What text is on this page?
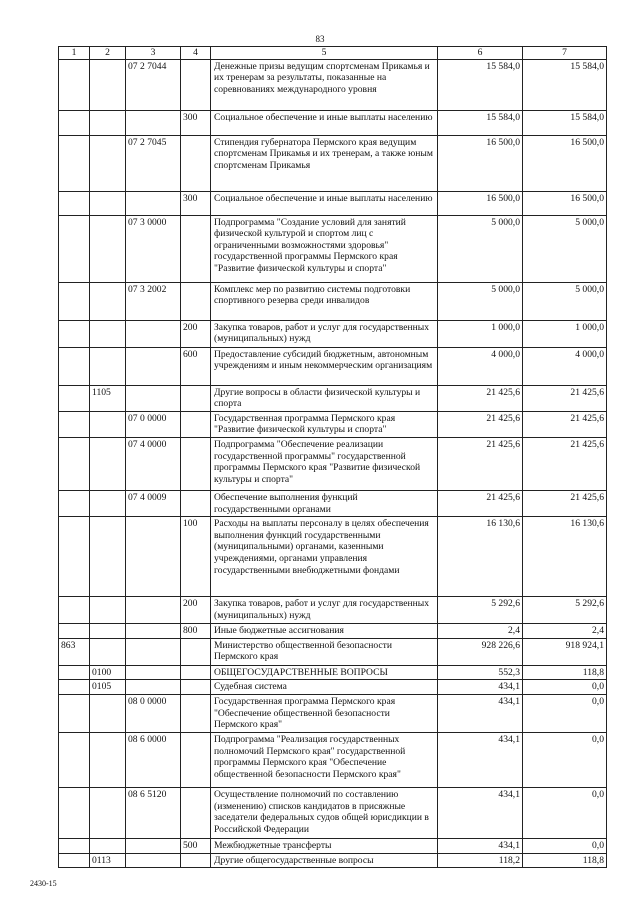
83
1	2	3	4	5	6	7
		07 2 7044		Денежные призы ведущим спортсменам Прикамья и их тренерам за результаты, показанные на соревнованиях международного уровня	15 584,0	15 584,0
			300	Социальное обеспечение и иные выплаты населению	15 584,0	15 584,0
		07 2 7045		Стипендия губернатора Пермского края ведущим спортсменам Прикамья и их тренерам, а также юным спортсменам Прикамья	16 500,0	16 500,0
			300	Социальное обеспечение и иные выплаты населению	16 500,0	16 500,0
		07 3 0000		Подпрограмма "Создание условий для занятий физической культурой и спортом лиц с ограниченными возможностями здоровья" государственной программы Пермского края "Развитие физической культуры и спорта"	5 000,0	5 000,0
		07 3 2002		Комплекс мер по развитию системы подготовки спортивного резерва среди инвалидов	5 000,0	5 000,0
			200	Закупка товаров, работ и услуг для государственных (муниципальных) нужд	1 000,0	1 000,0
			600	Предоставление субсидий бюджетным, автономным учреждениям и иным некоммерческим организациям	4 000,0	4 000,0
	1105			Другие вопросы в области физической культуры и спорта	21 425,6	21 425,6
		07 0 0000		Государственная программа Пермского края "Развитие физической культуры и спорта"	21 425,6	21 425,6
		07 4 0000		Подпрограмма "Обеспечение реализации государственной программы" государственной программы Пермского края "Развитие физической культуры и спорта"	21 425,6	21 425,6
		07 4 0009		Обеспечение выполнения функций государственными органами	21 425,6	21 425,6
			100	Расходы на выплаты персоналу в целях обеспечения выполнения функций государственными (муниципальными) органами, казенными учреждениями, органами управления государственными внебюджетными фондами	16 130,6	16 130,6
			200	Закупка товаров, работ и услуг для государственных (муниципальных) нужд	5 292,6	5 292,6
			800	Иные бюджетные ассигнования	2,4	2,4
863				Министерство общественной безопасности Пермского края	928 226,6	918 924,1
	0100			ОБЩЕГОСУДАРСТВЕННЫЕ ВОПРОСЫ	552,3	118,8
	0105			Судебная система	434,1	0,0
		08 0 0000		Государственная программа Пермского края "Обеспечение общественной безопасности Пермского края"	434,1	0,0
		08 6 0000		Подпрограмма "Реализация государственных полномочий Пермского края" государственной программы Пермского края "Обеспечение общественной безопасности Пермского края"	434,1	0,0
		08 6 5120		Осуществление полномочий по составлению (изменению) списков кандидатов в присяжные заседатели федеральных судов общей юрисдикции в Российской Федерации	434,1	0,0
			500	Межбюджетные трансферты	434,1	0,0
	0113			Другие общегосударственные вопросы	118,2	118,8
2430-15
